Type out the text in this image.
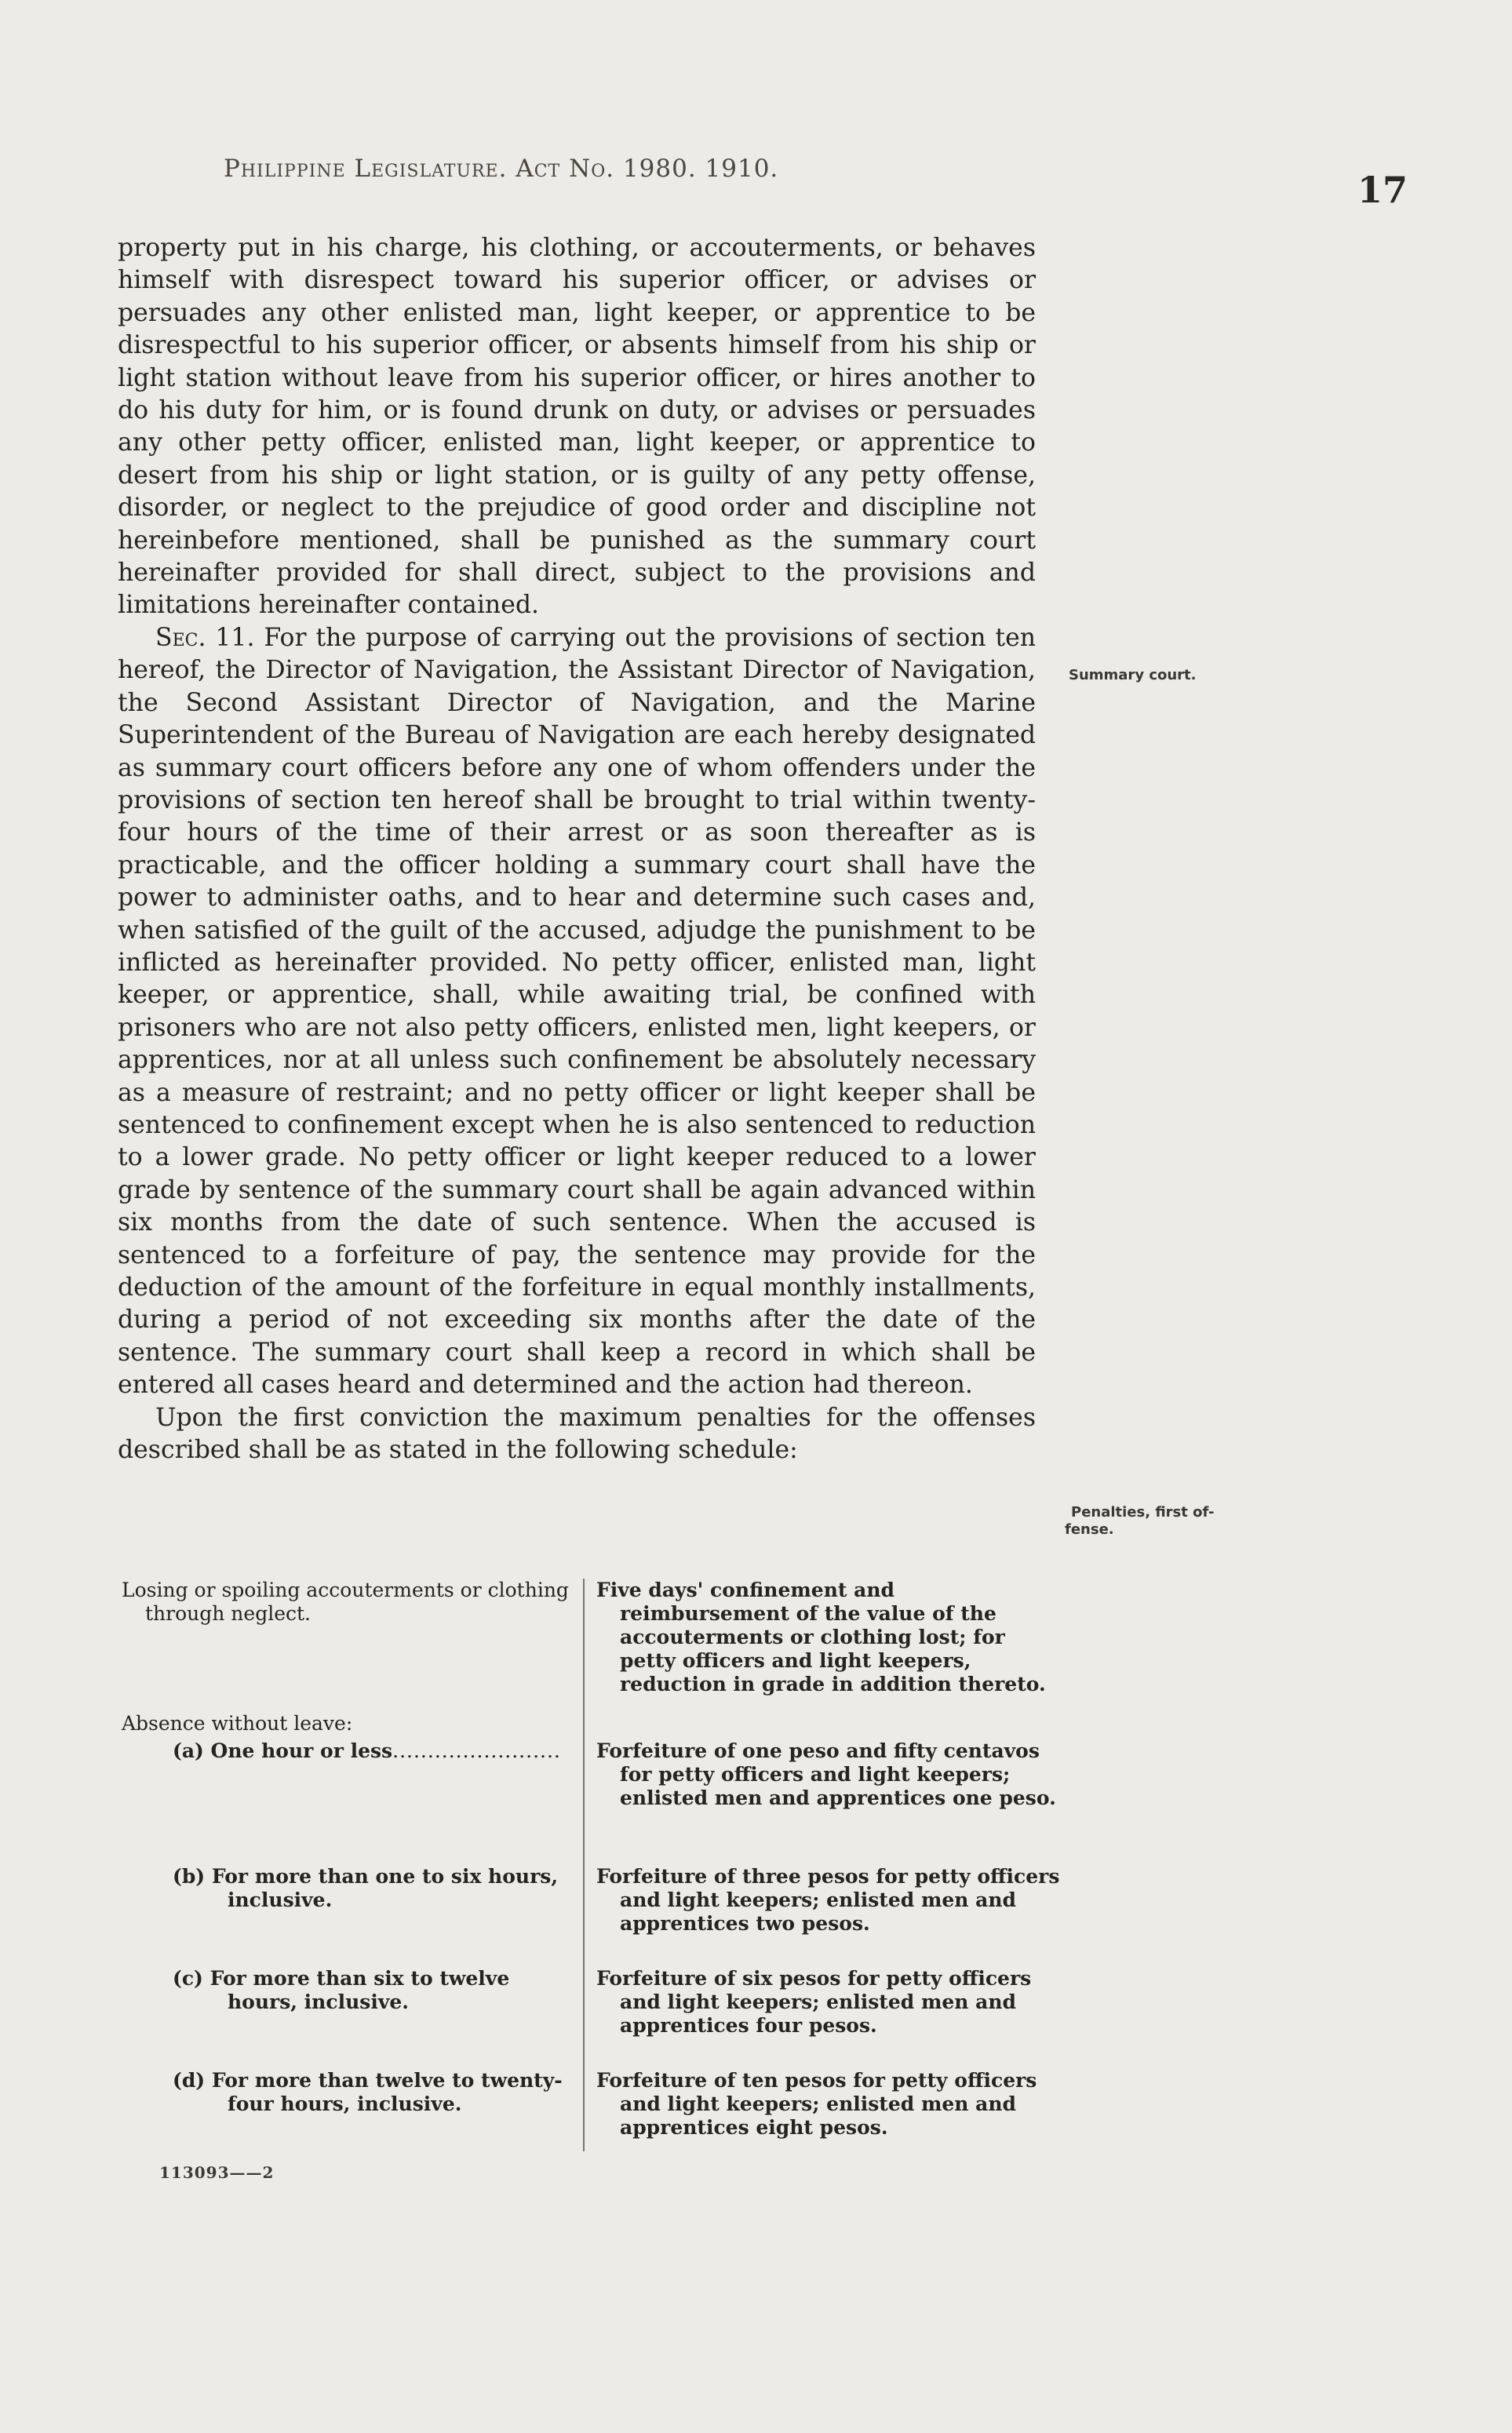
Philippine Legislature. Act No. 1980. 1910.	17

property put in his charge, his clothing, or accouterments, or behaves himself with disrespect toward his superior officer, or advises or persuades any other enlisted man, light keeper, or apprentice to be disrespectful to his superior officer, or absents himself from his ship or light station without leave from his superior officer, or hires another to do his duty for him, or is found drunk on duty, or advises or persuades any other petty officer, enlisted man, light keeper, or apprentice to desert from his ship or light station, or is guilty of any petty offense, disorder, or neglect to the prejudice of good order and discipline not hereinbefore mentioned, shall be punished as the summary court hereinafter provided for shall direct, subject to the provisions and limitations hereinafter contained.

Sec. 11. For the purpose of carrying out the provisions of section ten hereof, the Director of Navigation, the Assistant Director of Navigation, the Second Assistant Director of Navigation, and the Marine Superintendent of the Bureau of Navigation are each hereby designated as summary court officers before any one of whom offenders under the provisions of section ten hereof shall be brought to trial within twenty-four hours of the time of their arrest or as soon thereafter as is practicable, and the officer holding a summary court shall have the power to administer oaths, and to hear and determine such cases and, when satisfied of the guilt of the accused, adjudge the punishment to be inflicted as hereinafter provided. No petty officer, enlisted man, light keeper, or apprentice, shall, while awaiting trial, be confined with prisoners who are not also petty officers, enlisted men, light keepers, or apprentices, nor at all unless such confinement be absolutely necessary as a measure of restraint; and no petty officer or light keeper shall be sentenced to confinement except when he is also sentenced to reduction to a lower grade. No petty officer or light keeper reduced to a lower grade by sentence of the summary court shall be again advanced within six months from the date of such sentence. When the accused is sentenced to a forfeiture of pay, the sentence may provide for the deduction of the amount of the forfeiture in equal monthly installments, during a period of not exceeding six months after the date of the sentence. The summary court shall keep a record in which shall be entered all cases heard and determined and the action had thereon.

Upon the first conviction the maximum penalties for the offenses described shall be as stated in the following schedule:

Summary court.
Penalties, first of-
fense.
Losing or spoiling accouterments or clothing through neglect.
Five days' confinement and reimbursement of the value of the accouterments or clothing lost; for petty officers and light keepers, reduction in grade in addition thereto.
Absence without leave:
(a) One hour or less........................	Forfeiture of one peso and fifty centavos for petty officers and light keepers; enlisted men and apprentices one peso.
(b) For more than one to six hours, inclusive.
Forfeiture of three pesos for petty officers and light keepers; enlisted men and apprentices two pesos.
(c) For more than six to twelve hours, inclusive.
Forfeiture of six pesos for petty officers and light keepers; enlisted men and apprentices four pesos.
(d) For more than twelve to twenty-four hours, inclusive.
Forfeiture of ten pesos for petty officers and light keepers; enlisted men and apprentices eight pesos.
113093——2
